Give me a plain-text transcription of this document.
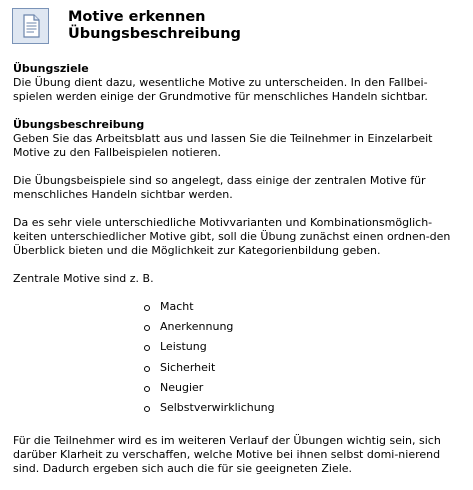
Motive erkennen
Übungsbeschreibung
Übungsziele

Die Übung dient dazu, wesentliche Motive zu unterscheiden. In den Fallbei-spielen werden einige der Grundmotive für menschliches Handeln sichtbar.

Übungsbeschreibung

Geben Sie das Arbeitsblatt aus und lassen Sie die Teilnehmer in Einzelarbeit Motive zu den Fallbeispielen notieren.

Die Übungsbeispiele sind so angelegt, dass einige der zentralen Motive für menschliches Handeln sichtbar werden.

Da es sehr viele unterschiedliche Motivvarianten und Kombinationsmöglich-keiten unterschiedlicher Motive gibt, soll die Übung zunächst einen ordnen-den Überblick bieten und die Möglichkeit zur Kategorienbildung geben.

Zentrale Motive sind z. B.

Macht
Anerkennung
Leistung
Sicherheit
Neugier
Selbstverwirklichung

Für die Teilnehmer wird es im weiteren Verlauf der Übungen wichtig sein, sich darüber Klarheit zu verschaffen, welche Motive bei ihnen selbst domi-nierend sind. Dadurch ergeben sich auch die für sie geeigneten Ziele.
